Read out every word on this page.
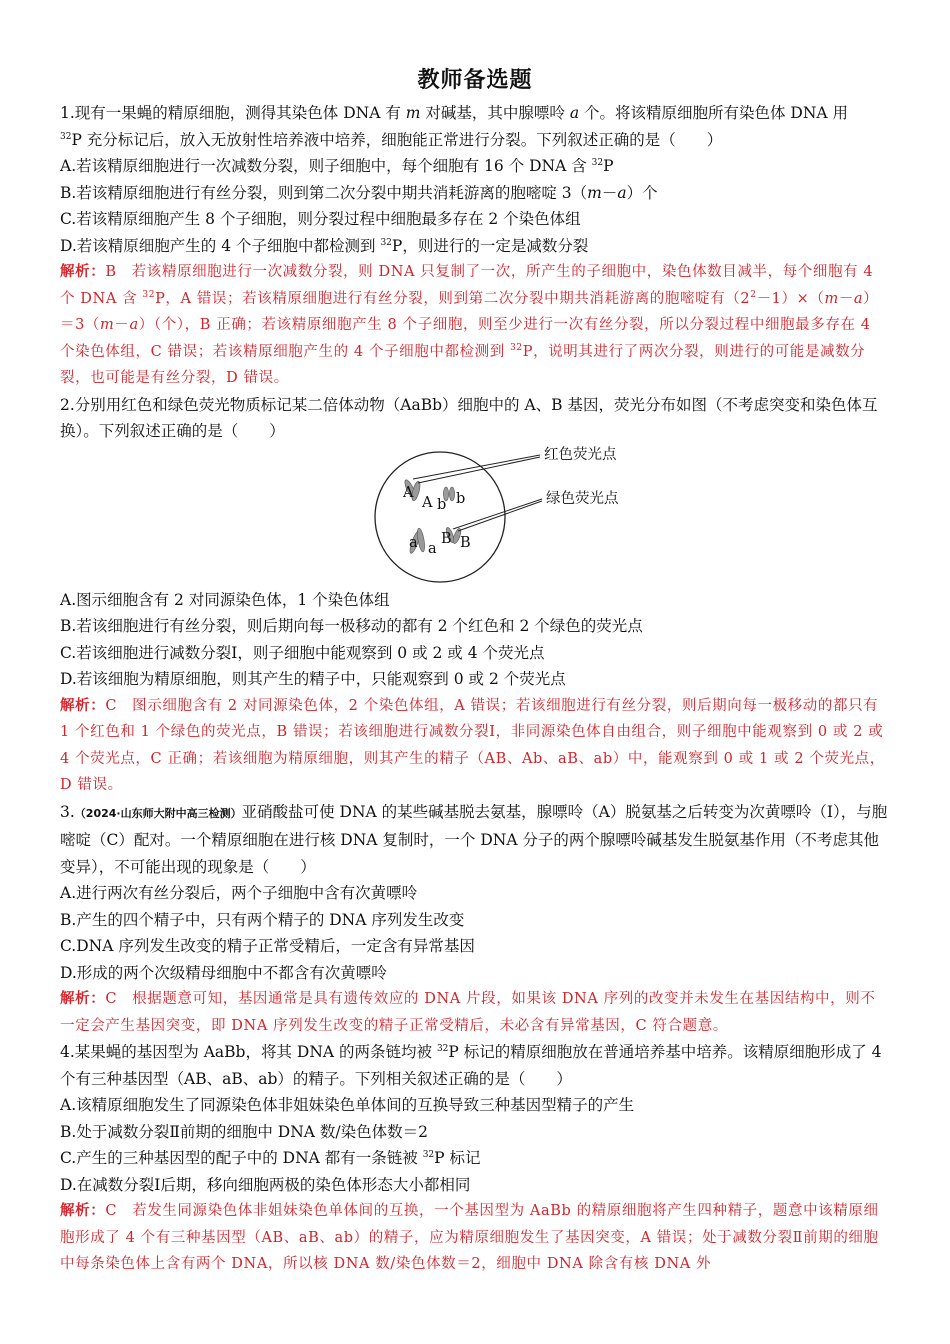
教师备选题

1.现有一果蝇的精原细胞，测得其染色体 DNA 有 m 对碱基，其中腺嘌呤 a 个。将该精原细胞所有染色体 DNA 用
$^{32}$P 充分标记后，放入无放射性培养液中培养，细胞能正常进行分裂。下列叙述正确的是（　　）

A.若该精原细胞进行一次减数分裂，则子细胞中，每个细胞有 16 个 DNA 含 $^{32}$P

B.若该精原细胞进行有丝分裂，则到第二次分裂中期共消耗游离的胞嘧啶 3（m－a）个

C.若该精原细胞产生 8 个子细胞，则分裂过程中细胞最多存在 2 个染色体组

D.若该精原细胞产生的 4 个子细胞中都检测到 $^{32}$P，则进行的一定是减数分裂

解析：B　若该精原细胞进行一次减数分裂，则 DNA 只复制了一次，所产生的子细胞中，染色体数目减半，每个细胞有 4 个 DNA 含 $^{32}$P，A 错误；若该精原细胞进行有丝分裂，则到第二次分裂中期共消耗游离的胞嘧啶有$(2^2-1)\times(m-a)=3(m-a)$（个），B 正确；若该精原细胞产生 8 个子细胞，则至少进行一次有丝分裂，所以分裂过程中细胞最多存在 4 个染色体组，C 错误；若该精原细胞产生的 4 个子细胞中都检测到 $^{32}$P，说明其进行了两次分裂，则进行的可能是减数分裂，也可能是有丝分裂，D 错误。

2.分别用红色和绿色荧光物质标记某二倍体动物（AaBb）细胞中的 A、B 基因，荧光分布如图（不考虑突变和染色体互换）。下列叙述正确的是（　　）

A
A b b
a a
B B
红色荧光点
绿色荧光点

A.图示细胞含有 2 对同源染色体，1 个染色体组

B.若该细胞进行有丝分裂，则后期向每一极移动的都有 2 个红色和 2 个绿色的荧光点

C.若该细胞进行减数分裂Ⅰ，则子细胞中能观察到 0 或 2 或 4 个荧光点

D.若该细胞为精原细胞，则其产生的精子中，只能观察到 0 或 2 个荧光点

解析：C　图示细胞含有 2 对同源染色体，2 个染色体组，A 错误；若该细胞进行有丝分裂，则后期向每一极移动的都只有 1 个红色和 1 个绿色的荧光点，B 错误；若该细胞进行减数分裂Ⅰ，非同源染色体自由组合，则子细胞中能观察到 0 或 2 或 4 个荧光点，C 正确；若该细胞为精原细胞，则其产生的精子（AB、Ab、aB、ab）中，能观察到 0 或 1 或 2 个荧光点，D 错误。

3.（2024·山东师大附中高三检测）亚硝酸盐可使 DNA 的某些碱基脱去氨基，腺嘌呤（A）脱氨基之后转变为次黄嘌呤（I），与胞嘧啶（C）配对。一个精原细胞在进行核 DNA 复制时，一个 DNA 分子的两个腺嘌呤碱基发生脱氨基作用（不考虑其他变异），不可能出现的现象是（　　）

A.进行两次有丝分裂后，两个子细胞中含有次黄嘌呤

B.产生的四个精子中，只有两个精子的 DNA 序列发生改变

C.DNA 序列发生改变的精子正常受精后，一定含有异常基因

D.形成的两个次级精母细胞中不都含有次黄嘌呤

解析：C　根据题意可知，基因通常是具有遗传效应的 DNA 片段，如果该 DNA 序列的改变并未发生在基因结构中，则不一定会产生基因突变，即 DNA 序列发生改变的精子正常受精后，未必含有异常基因，C 符合题意。

4.某果蝇的基因型为 AaBb，将其 DNA 的两条链均被 $^{32}$P 标记的精原细胞放在普通培养基中培养。该精原细胞形成了 4 个有三种基因型（AB、aB、ab）的精子。下列相关叙述正确的是（　　）

A.该精原细胞发生了同源染色体非姐妹染色单体间的互换导致三种基因型精子的产生

B.处于减数分裂Ⅱ前期的细胞中 DNA 数/染色体数＝2

C.产生的三种基因型的配子中的 DNA 都有一条链被 $^{32}$P 标记

D.在减数分裂Ⅰ后期，移向细胞两极的染色体形态大小都相同

解析：C　若发生同源染色体非姐妹染色单体间的互换，一个基因型为 AaBb 的精原细胞将产生四种精子，题意中该精原细胞形成了 4 个有三种基因型（AB、aB、ab）的精子，应为精原细胞发生了基因突变，A 错误；处于减数分裂Ⅱ前期的细胞中每条染色体上含有两个 DNA，所以核 DNA 数/染色体数＝2，细胞中 DNA 除含有核 DNA 外
